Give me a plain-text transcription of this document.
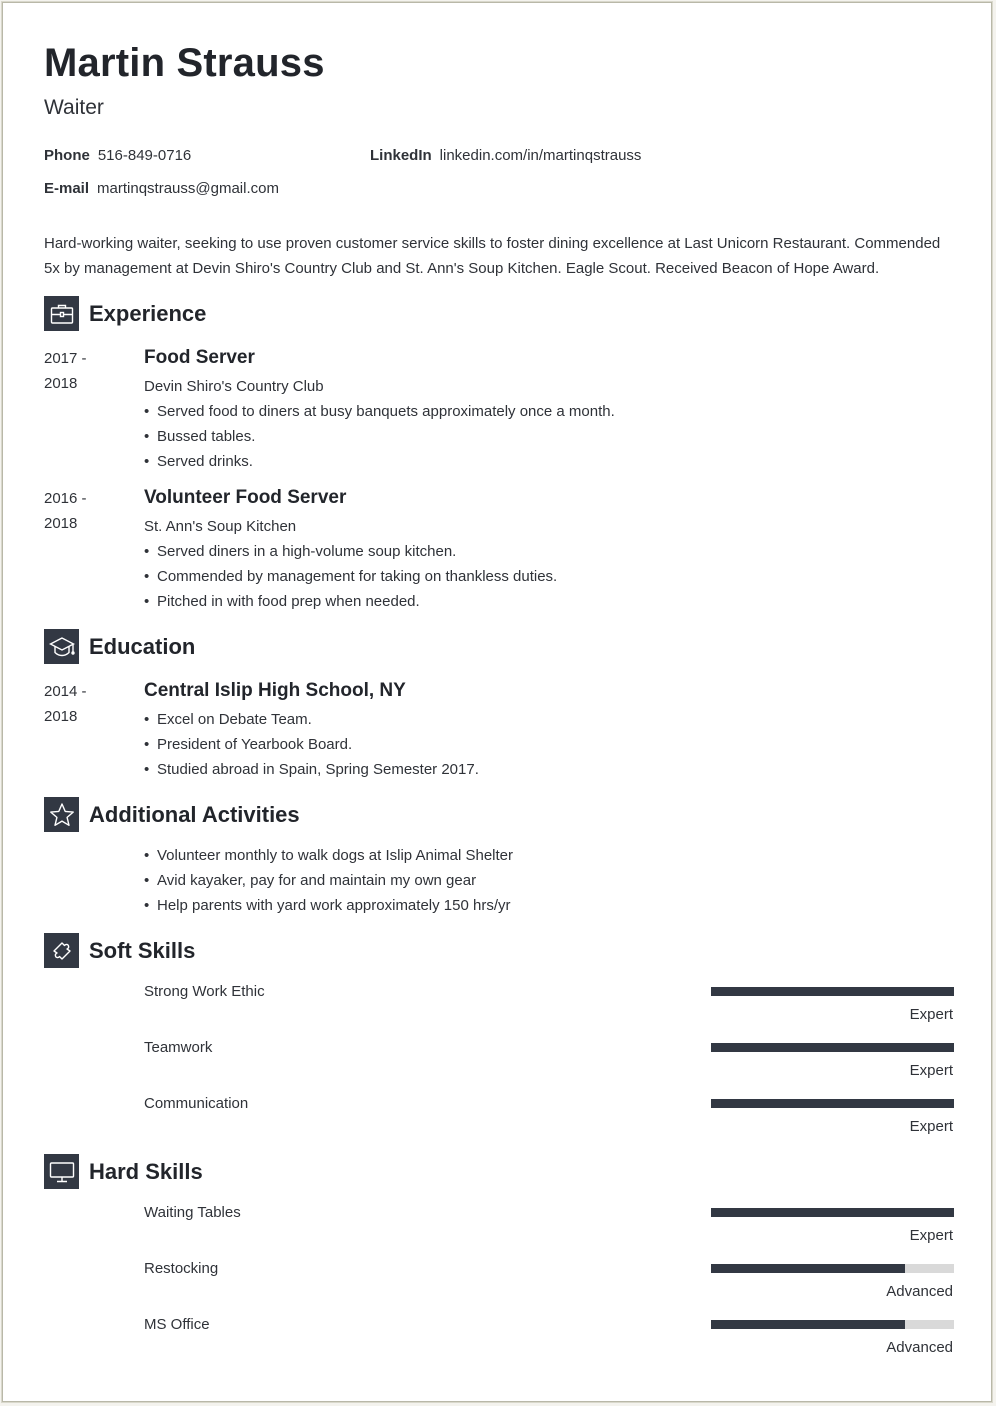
Martin Strauss
Waiter
Phone 516-849-0716	LinkedIn linkedin.com/in/martinqstrauss
E-mail martinqstrauss@gmail.com
Hard-working waiter, seeking to use proven customer service skills to foster dining excellence at Last Unicorn Restaurant. Commended 5x by management at Devin Shiro's Country Club and St. Ann's Soup Kitchen. Eagle Scout. Received Beacon of Hope Award.
Experience
2017 -
2018
Food Server
Devin Shiro's Country Club
• Served food to diners at busy banquets approximately once a month.
• Bussed tables.
• Served drinks.
2016 -
2018
Volunteer Food Server
St. Ann's Soup Kitchen
• Served diners in a high-volume soup kitchen.
• Commended by management for taking on thankless duties.
• Pitched in with food prep when needed.
Education
2014 -
2018
Central Islip High School, NY
• Excel on Debate Team.
• President of Yearbook Board.
• Studied abroad in Spain, Spring Semester 2017.
Additional Activities
• Volunteer monthly to walk dogs at Islip Animal Shelter
• Avid kayaker, pay for and maintain my own gear
• Help parents with yard work approximately 150 hrs/yr
Soft Skills
Strong Work Ethic
Expert
Teamwork
Expert
Communication
Expert
Hard Skills
Waiting Tables
Expert
Restocking
Advanced
MS Office
Advanced
